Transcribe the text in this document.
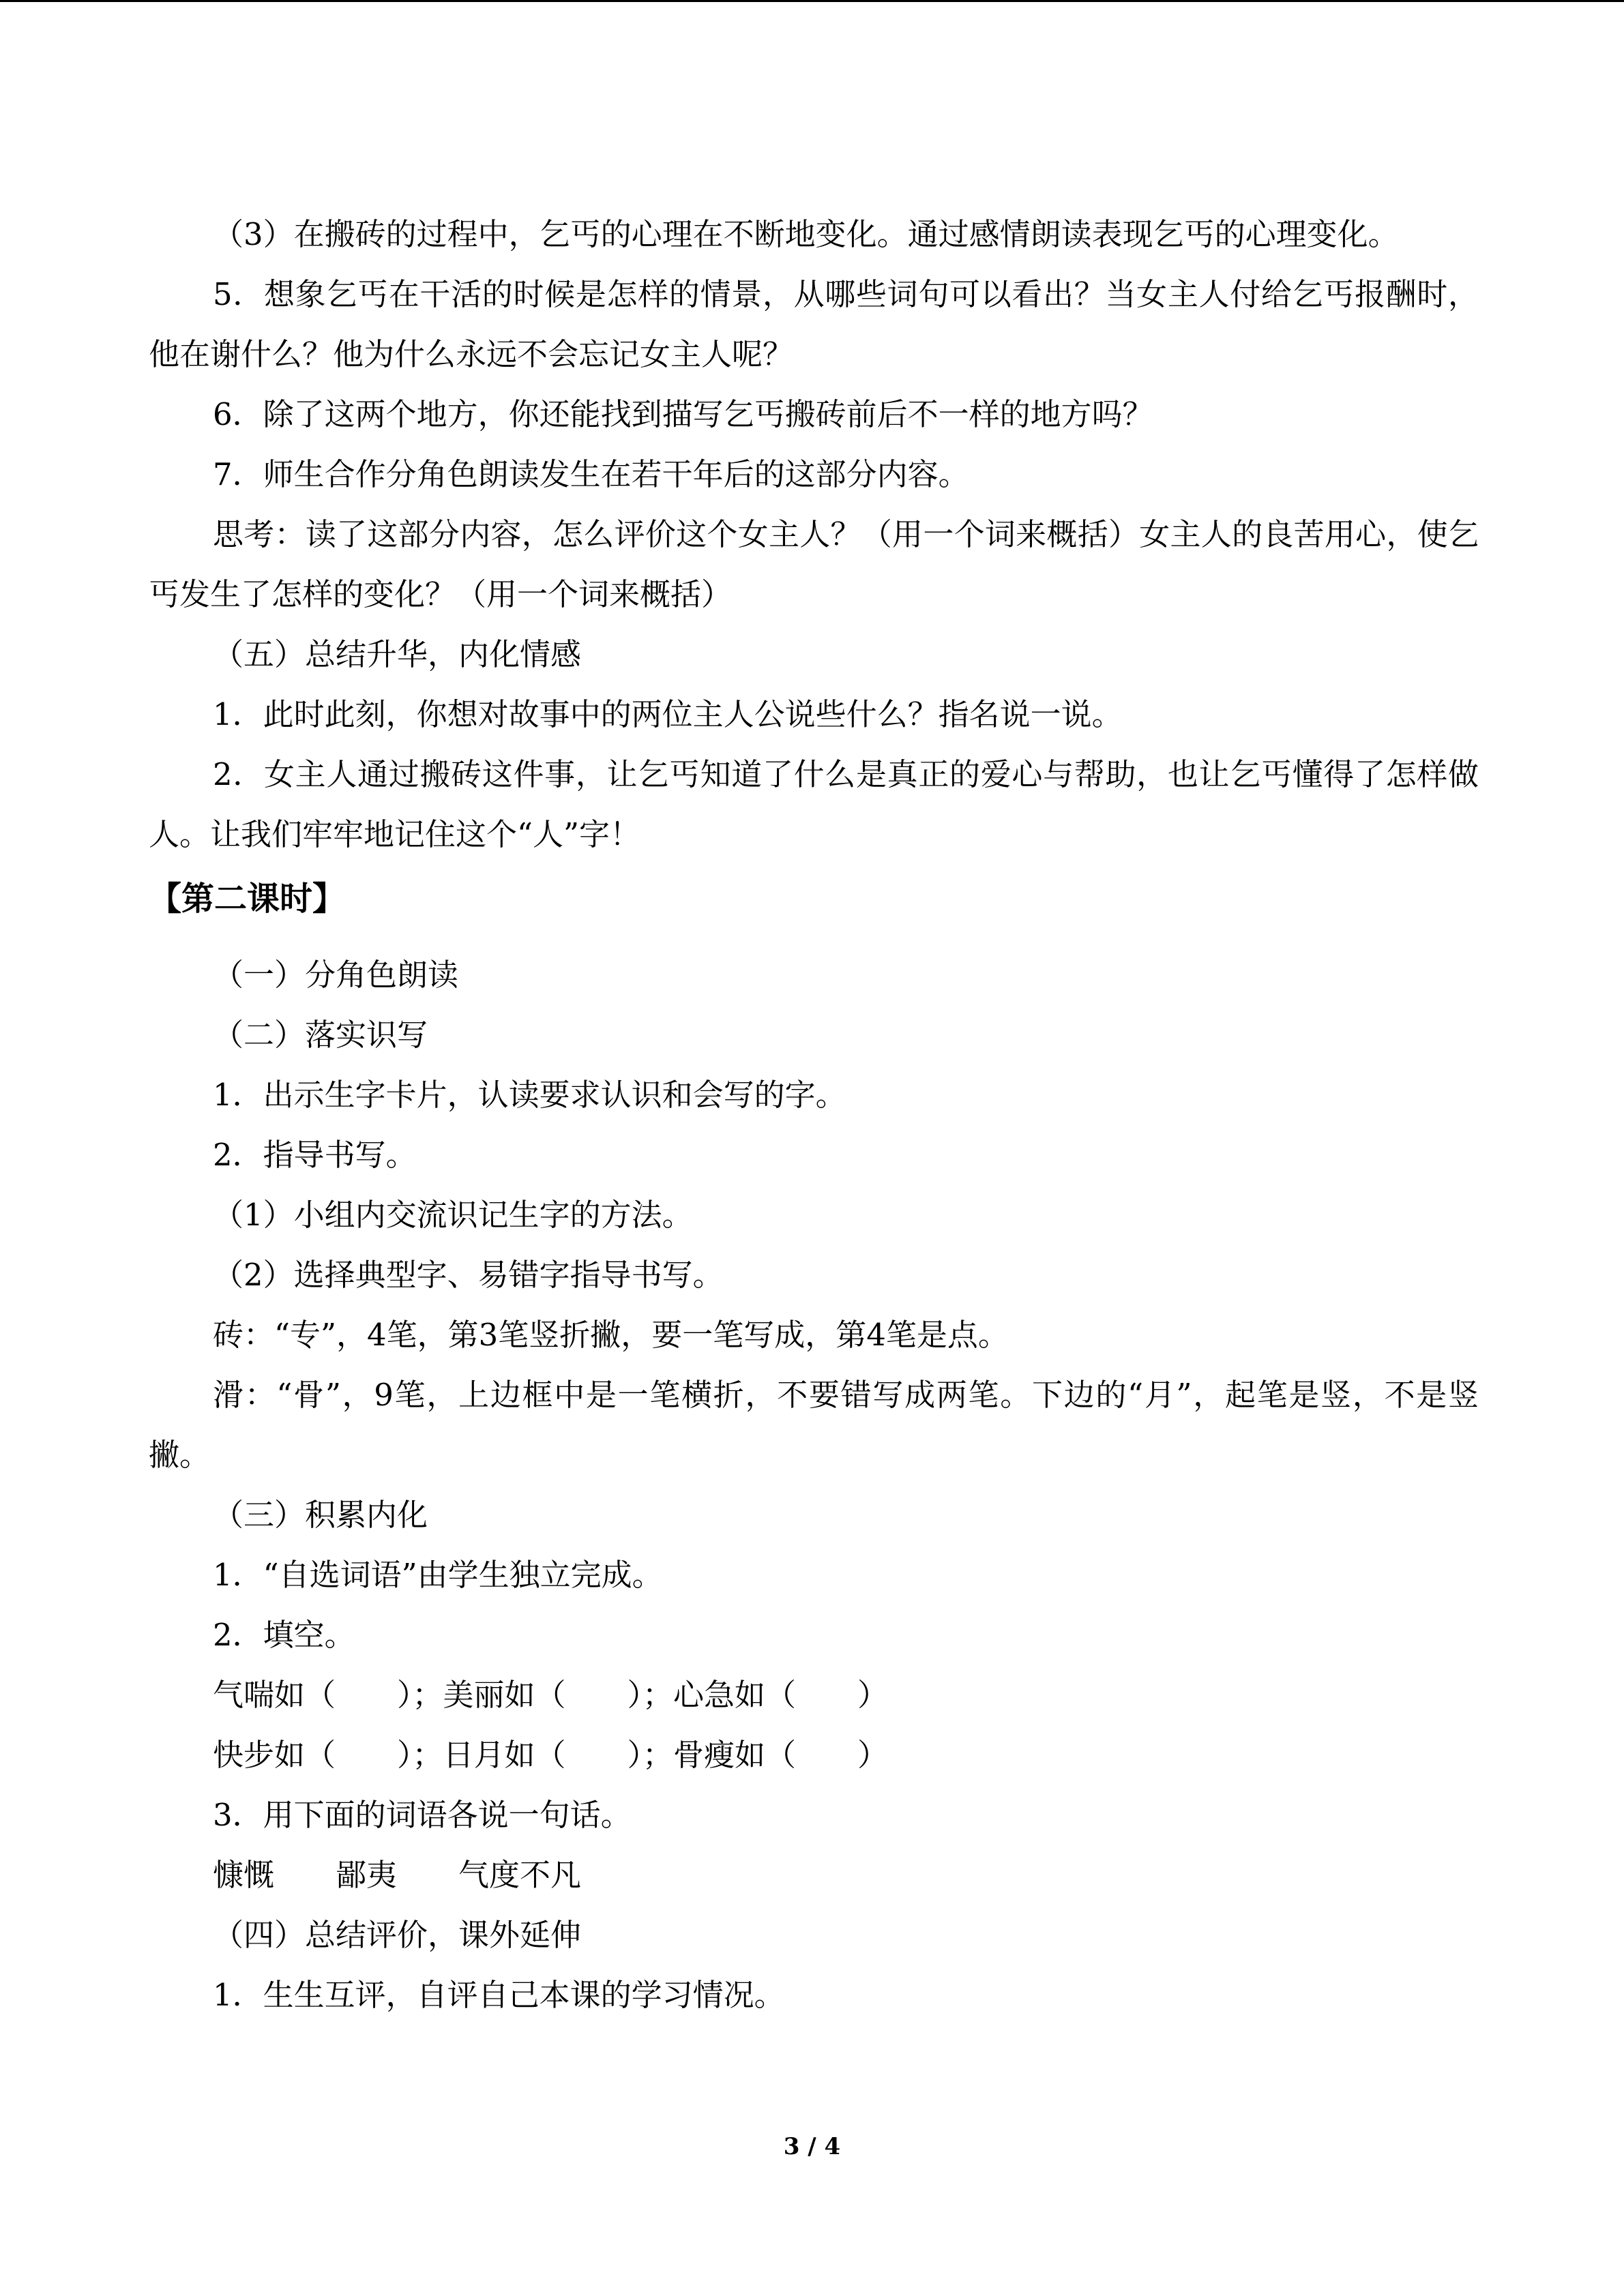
（3）在搬砖的过程中，乞丐的心理在不断地变化。通过感情朗读表现乞丐的心理变化。

5．想象乞丐在干活的时候是怎样的情景，从哪些词句可以看出？当女主人付给乞丐报酬时，他在谢什么？他为什么永远不会忘记女主人呢？

6．除了这两个地方，你还能找到描写乞丐搬砖前后不一样的地方吗？

7．师生合作分角色朗读发生在若干年后的这部分内容。

思考：读了这部分内容，怎么评价这个女主人？（用一个词来概括）女主人的良苦用心，使乞丐发生了怎样的变化？（用一个词来概括）

（五）总结升华，内化情感

1．此时此刻，你想对故事中的两位主人公说些什么？指名说一说。

2．女主人通过搬砖这件事，让乞丐知道了什么是真正的爱心与帮助，也让乞丐懂得了怎样做人。让我们牢牢地记住这个“人”字！

【第二课时】

（一）分角色朗读

（二）落实识写

1．出示生字卡片，认读要求认识和会写的字。

2．指导书写。

（1）小组内交流识记生字的方法。

（2）选择典型字、易错字指导书写。

砖：“专”，4笔，第3笔竖折撇，要一笔写成，第4笔是点。

滑：“骨”，9笔，上边框中是一笔横折，不要错写成两笔。下边的“月”，起笔是竖，不是竖撇。

（三）积累内化

1．“自选词语”由学生独立完成。

2．填空。

气喘如（　　）；美丽如（　　）；心急如（　　）
快步如（　　）；日月如（　　）；骨瘦如（　　）

3．用下面的词语各说一句话。

慷慨　　鄙夷　　气度不凡

（四）总结评价，课外延伸

1．生生互评，自评自己本课的学习情况。

3 / 4
